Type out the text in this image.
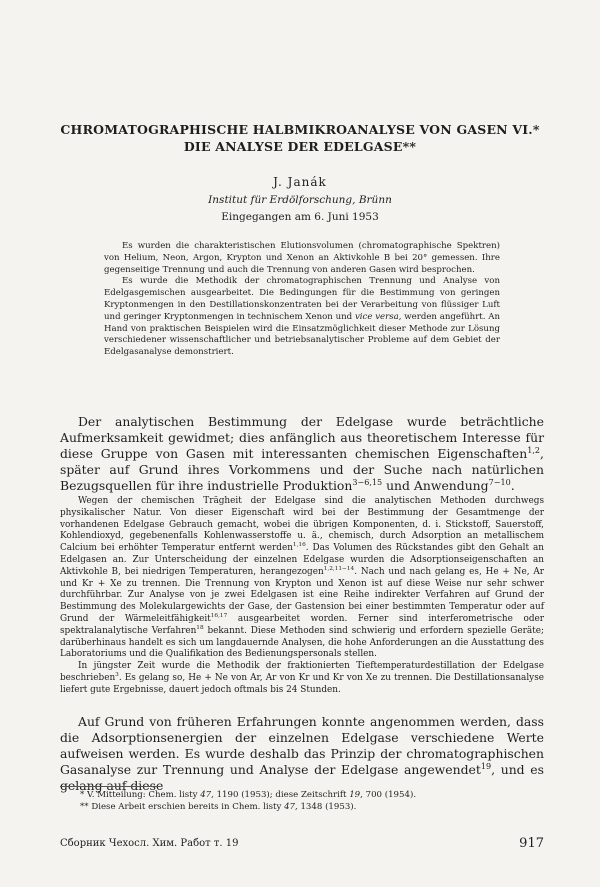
CHROMATOGRAPHISCHE HALBMIKROANALYSE VON GASEN VI.*
DIE ANALYSE DER EDELGASE**
J. Janák
Institut für Erdölforschung, Brünn
Eingegangen am 6. Juni 1953

Es wurden die charakteristischen Elutionsvolumen (chromatographische Spektren) von Helium, Neon, Argon, Krypton und Xenon an Aktivkohle B bei 20° gemessen. Ihre gegenseitige Trennung und auch die Trennung von anderen Gasen wird besprochen.

Es wurde die Methodik der chromatographischen Trennung und Analyse von Edelgasgemischen ausgearbeitet. Die Bedingungen für die Bestimmung von geringen Kryptonmengen in den Destillationskonzentraten bei der Verarbeitung von flüssiger Luft und geringer Kryptonmengen in technischem Xenon und vice versa, werden angeführt. An Hand von praktischen Beispielen wird die Einsatzmöglichkeit dieser Methode zur Lösung verschiedener wissenschaftlicher und betriebsanalytischer Probleme auf dem Gebiet der Edelgasanalyse demonstriert.

Der analytischen Bestimmung der Edelgase wurde beträchtliche Aufmerksamkeit gewidmet; dies anfänglich aus theoretischem Interesse für diese Gruppe von Gasen mit interessanten chemischen Eigenschaften$^{1,2}$, später auf Grund ihres Vorkommens und der Suche nach natürlichen Bezugsquellen für ihre industrielle Produktion$^{3-6,15}$ und Anwendung$^{7-10}$.

Wegen der chemischen Trägheit der Edelgase sind die analytischen Methoden durchwegs physikalischer Natur. Von dieser Eigenschaft wird bei der Bestimmung der Gesamtmenge der vorhandenen Edelgase Gebrauch gemacht, wobei die übrigen Komponenten, d. i. Stickstoff, Sauerstoff, Kohlendioxyd, gegebenenfalls Kohlenwasserstoffe u. ä., chemisch, durch Adsorption an metallischem Calcium bei erhöhter Temperatur entfernt werden$^{1,16}$. Das Volumen des Rückstandes gibt den Gehalt an Edelgasen an. Zur Unterscheidung der einzelnen Edelgase wurden die Adsorptionseigenschaften an Aktivkohle B, bei niedrigen Temperaturen, herangezogen$^{1,2,11-14}$. Nach und nach gelang es, He + Ne, Ar und Kr + Xe zu trennen. Die Trennung von Krypton und Xenon ist auf diese Weise nur sehr schwer durchführbar. Zur Analyse von je zwei Edelgasen ist eine Reihe indirekter Verfahren auf Grund der Bestimmung des Molekulargewichts der Gase, der Gastension bei einer bestimmten Temperatur oder auf Grund der Wärmeleitfähigkeit$^{16,17}$ ausgearbeitet worden. Ferner sind interferometrische oder spektralanalytische Verfahren$^{18}$ bekannt. Diese Methoden sind schwierig und erfordern spezielle Geräte; darüberhinaus handelt es sich um langdauernde Analysen, die hohe Anforderungen an die Ausstattung des Laboratoriums und die Qualifikation des Bedienungspersonals stellen.

In jüngster Zeit wurde die Methodik der fraktionierten Tieftemperaturdestillation der Edelgase beschrieben$^3$. Es gelang so, He + Ne von Ar, Ar von Kr und Kr von Xe zu trennen. Die Destillationsanalyse liefert gute Ergebnisse, dauert jedoch oftmals bis 24 Stunden.

Auf Grund von früheren Erfahrungen konnte angenommen werden, dass die Adsorptionsenergien der einzelnen Edelgase verschiedene Werte aufweisen werden. Es wurde deshalb das Prinzip der chromatographischen Gasanalyse zur Trennung und Analyse der Edelgase angewendet$^{19}$, und es gelang auf diese

* V. Mitteilung: Chem. listy 47, 1190 (1953); diese Zeitschrift 19, 700 (1954).
** Diese Arbeit erschien bereits in Chem. listy 47, 1348 (1953).
Сборник Чехосл. Хим. Работ т. 19	917
